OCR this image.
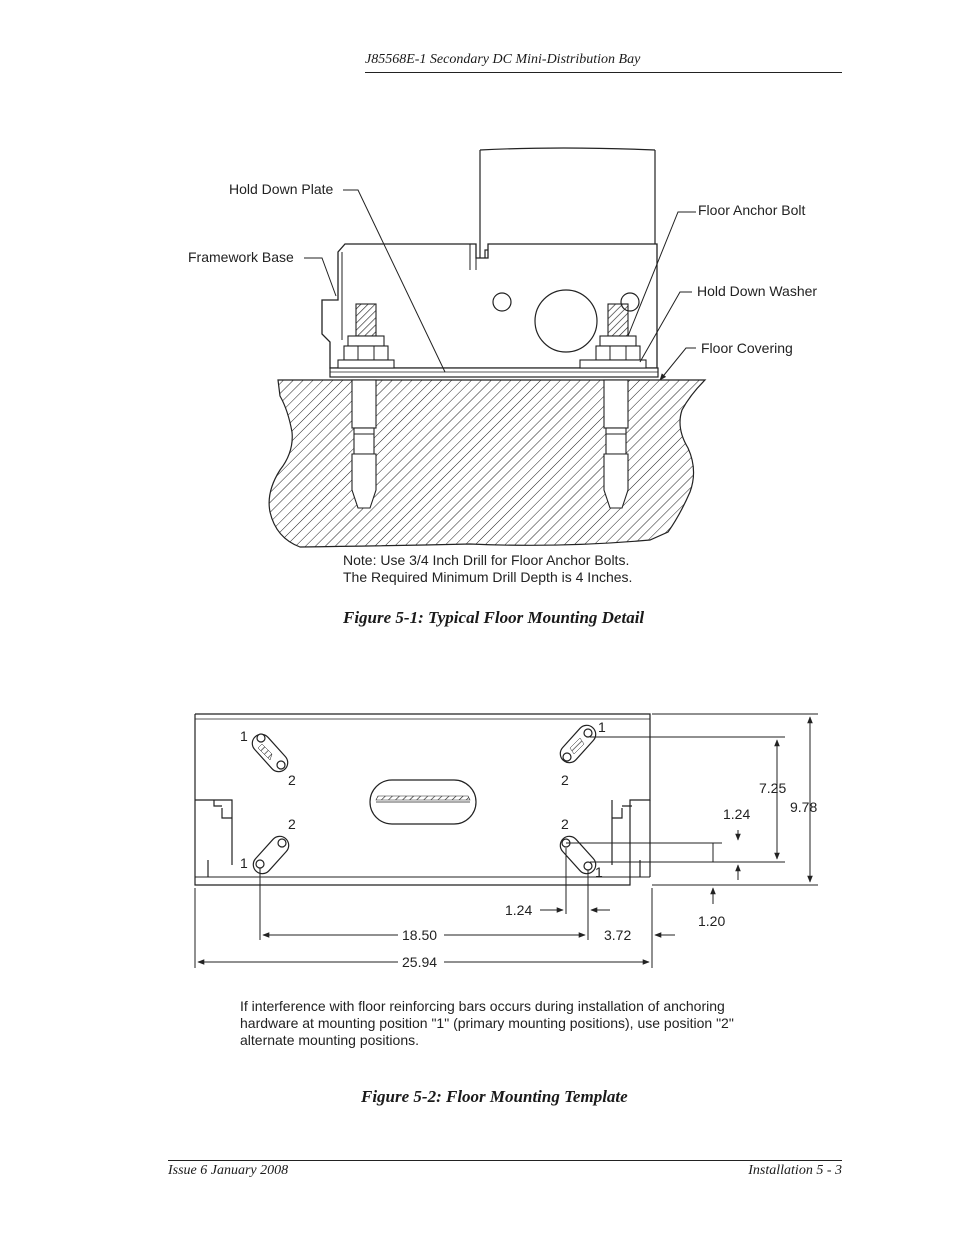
J85568E-1 Secondary DC Mini-Distribution Bay
Hold Down Plate
Framework Base
Floor Anchor Bolt
Hold Down Washer
Floor Covering
Note: Use 3/4 Inch Drill for Floor Anchor Bolts.
The Required Minimum Drill Depth is 4 Inches.
1
2
1
2
2
1
2
1
7.25
9.78
1.24
1.20
1.24
18.50	3.72
25.94
Figure 5-1: Typical Floor Mounting Detail
If interference with floor reinforcing bars occurs during installation of anchoring
hardware at mounting position "1" (primary mounting positions), use position "2"
alternate mounting positions.
Figure 5-2: Floor Mounting Template
Issue 6 January 2008	Installation 5 - 3
